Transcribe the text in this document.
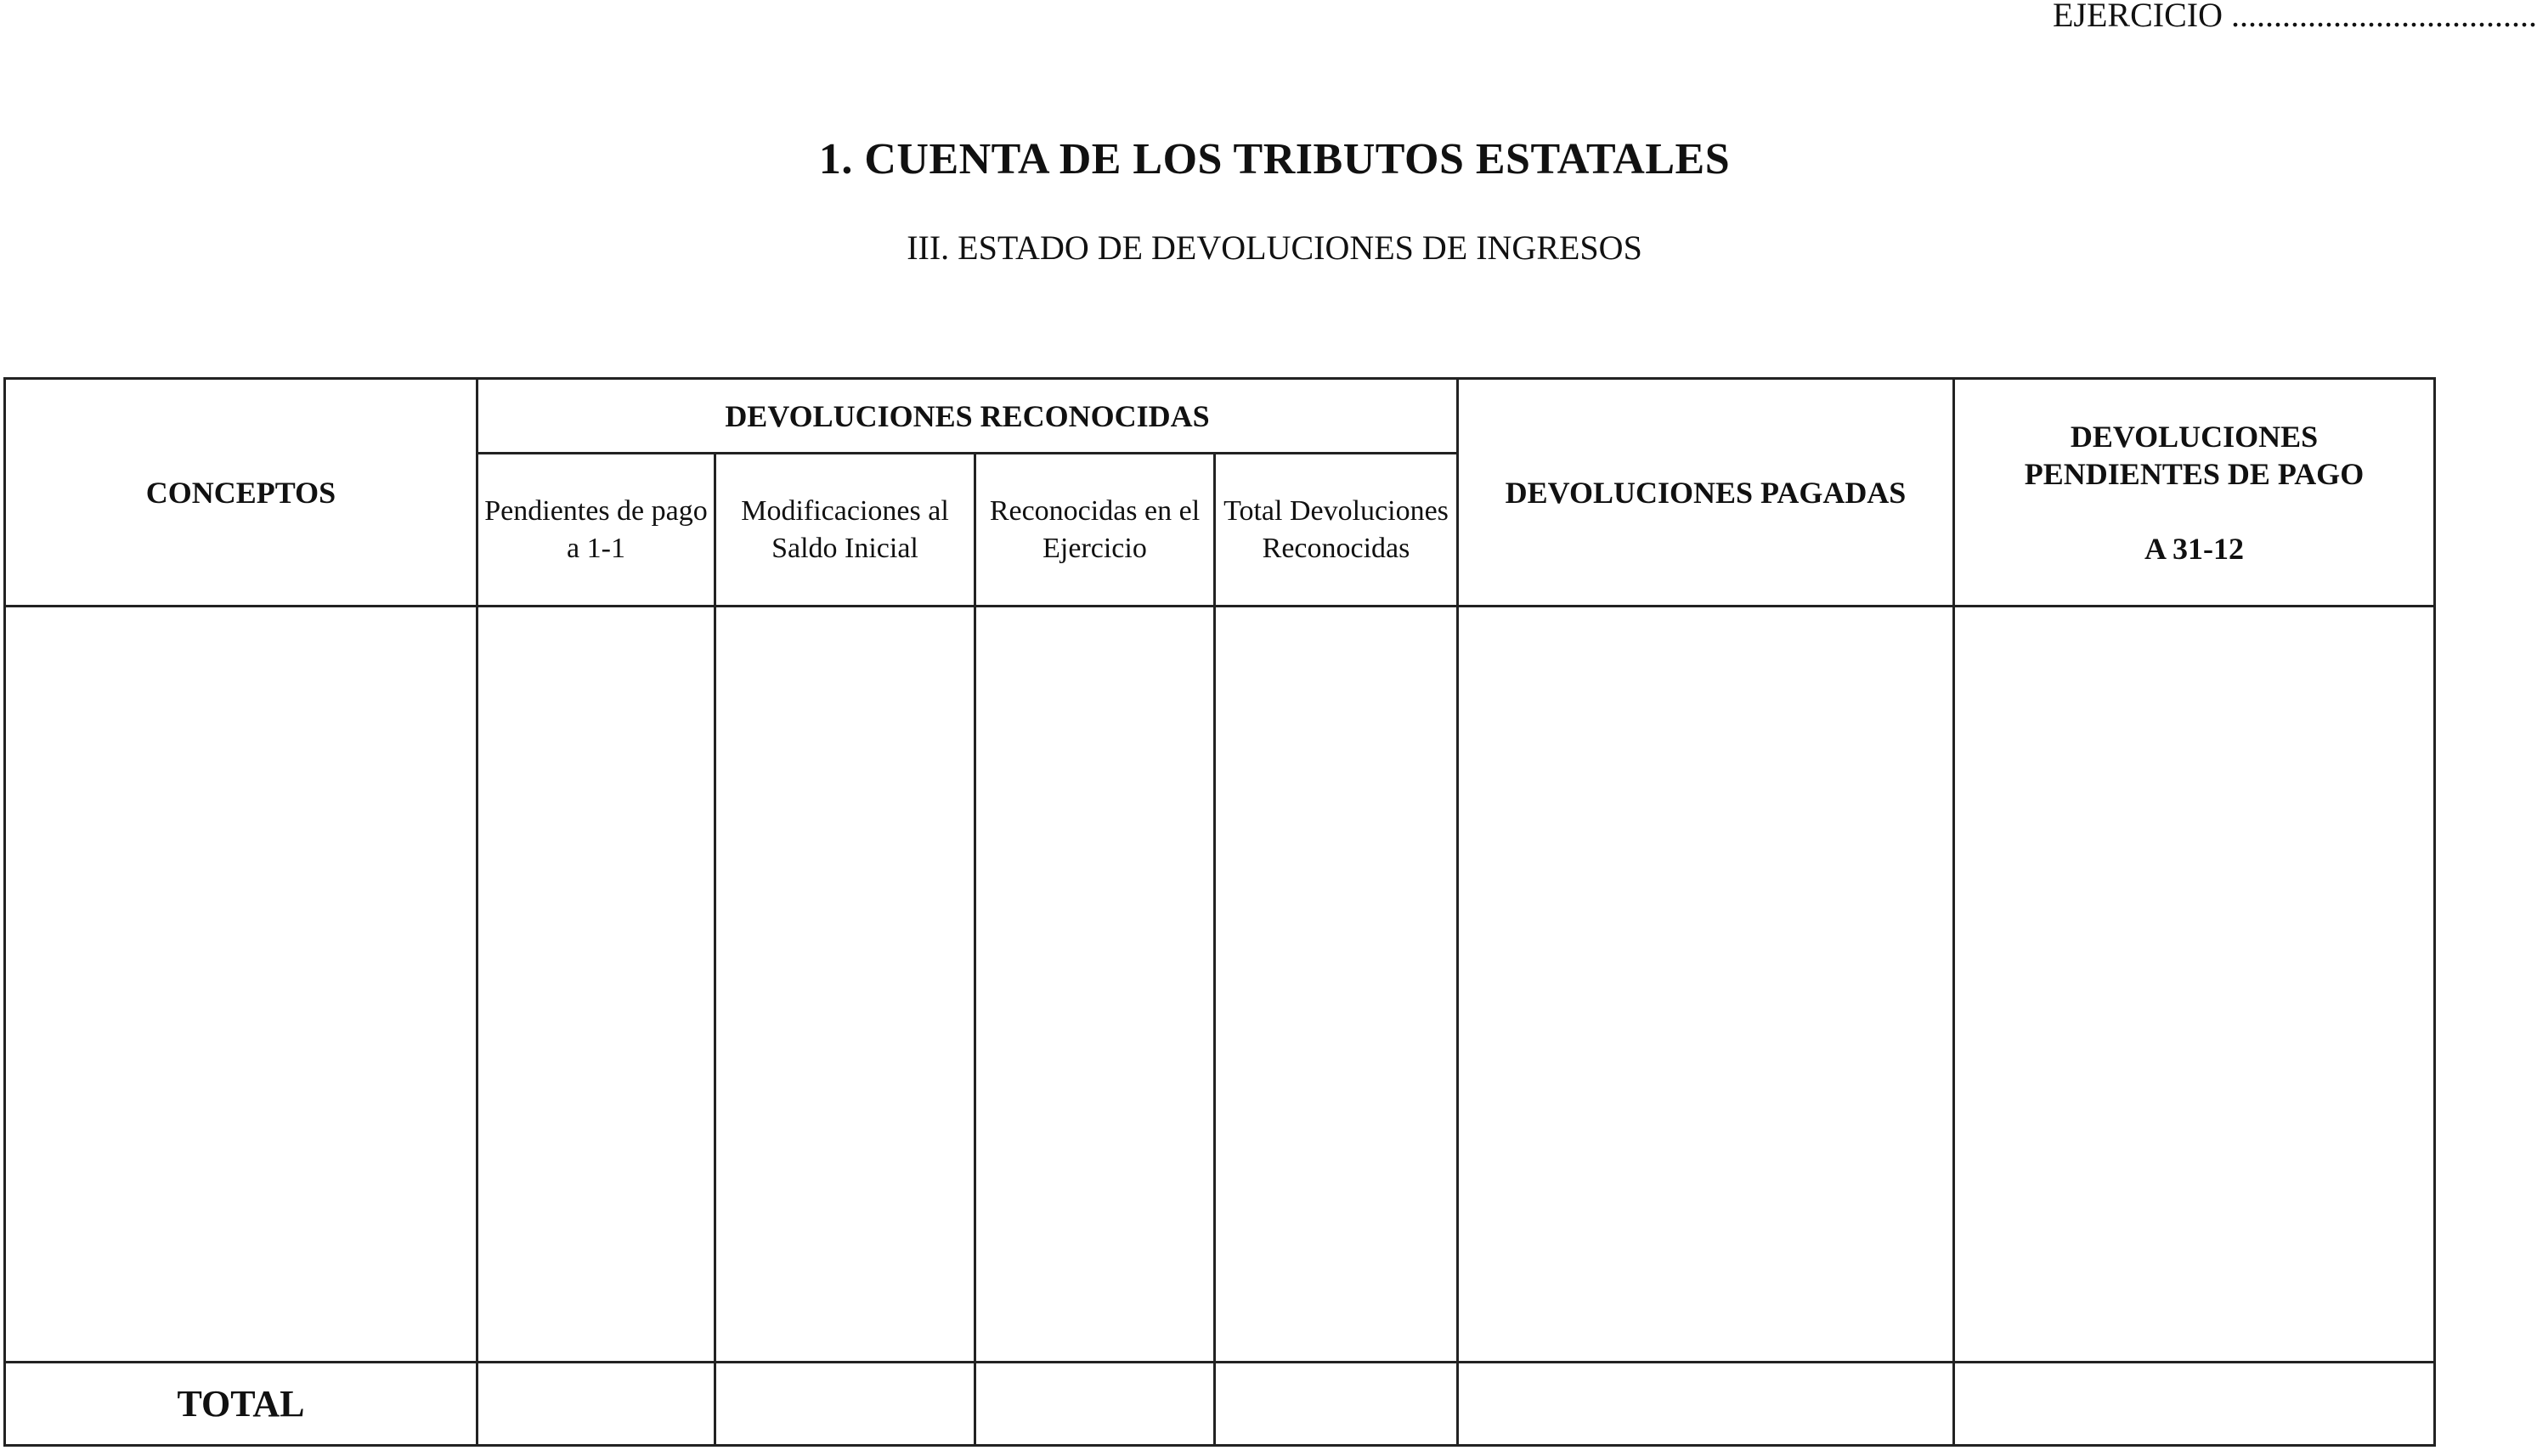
EJERCICIO ....................................
1. CUENTA DE LOS TRIBUTOS ESTATALES
III. ESTADO DE DEVOLUCIONES DE INGRESOS
CONCEPTOS	DEVOLUCIONES RECONOCIDAS				DEVOLUCIONES PAGADAS	DEVOLUCIONES
PENDIENTES DE PAGO
A 31-12

	Pendientes de pago a 1-1	Modificaciones al Saldo Inicial	Reconocidas en el Ejercicio	Total Devoluciones Reconocidas		

TOTAL						
